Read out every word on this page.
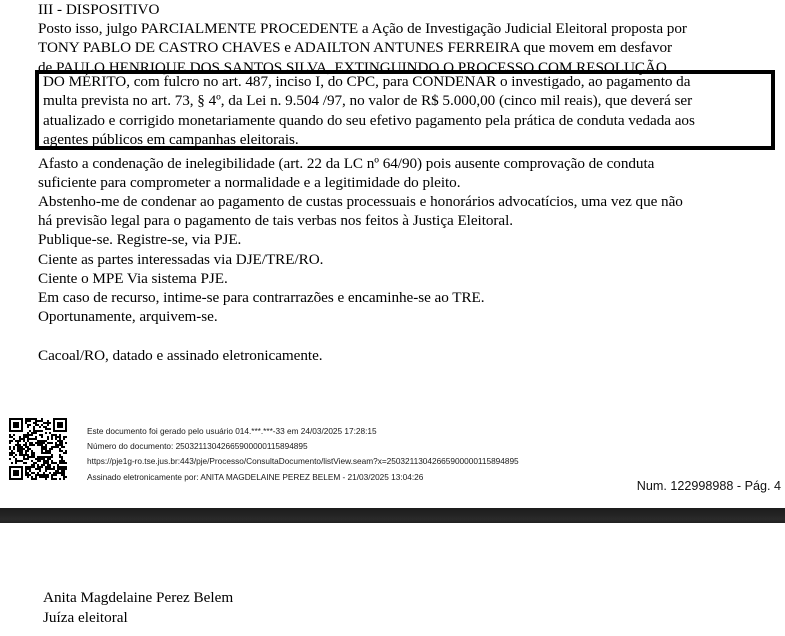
III - DISPOSITIVO
Posto isso, julgo PARCIALMENTE PROCEDENTE a Ação de Investigação Judicial Eleitoral proposta por
TONY PABLO DE CASTRO CHAVES e ADAILTON ANTUNES FERREIRA que movem em desfavor
de PAULO HENRIQUE DOS SANTOS SILVA, EXTINGUINDO O PROCESSO COM RESOLUÇÃO
Afasto a condenação de inelegibilidade (art. 22 da LC nº 64/90) pois ausente comprovação de conduta
suficiente para comprometer a normalidade e a legitimidade do pleito.
Abstenho-me de condenar ao pagamento de custas processuais e honorários advocatícios, uma vez que não
há previsão legal para o pagamento de tais verbas nos feitos à Justiça Eleitoral.
Publique-se. Registre-se, via PJE.
Ciente as partes interessadas via DJE/TRE/RO.
Ciente o MPE Via sistema PJE.
Em caso de recurso, intime-se para contrarrazões e encaminhe-se ao TRE.
Oportunamente, arquivem-se.
Cacoal/RO, datado e assinado eletronicamente.
DO MÉRITO, com fulcro no art. 487, inciso I, do CPC, para CONDENAR o investigado, ao pagamento da
multa prevista no art. 73, § 4º, da Lei n. 9.504 /97, no valor de R$ 5.000,00 (cinco mil reais), que deverá ser
atualizado e corrigido monetariamente quando do seu efetivo pagamento pela prática de conduta vedada aos
agentes públicos em campanhas eleitorais.
Este documento foi gerado pelo usuário 014.***.***-33 em 24/03/2025 17:28:15
Número do documento: 25032113042665900000115894895
https://pje1g-ro.tse.jus.br:443/pje/Processo/ConsultaDocumento/listView.seam?x=25032113042665900000115894895
Assinado eletronicamente por: ANITA MAGDELAINE PEREZ BELEM - 21/03/2025 13:04:26
Num. 122998988 - Pág. 4
Anita Magdelaine Perez Belem
Juíza eleitoral
